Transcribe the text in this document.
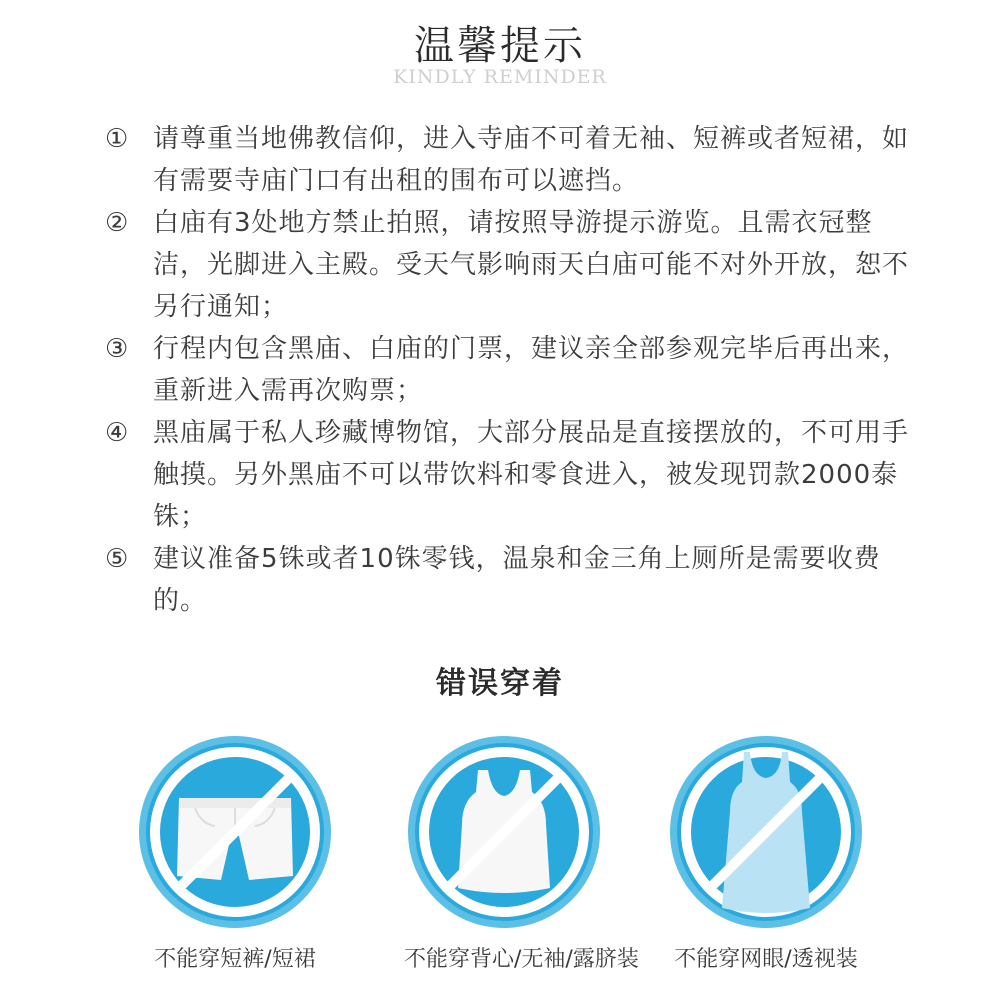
温馨提示
KINDLY REMINDER
① 请尊重当地佛教信仰，进入寺庙不可着无袖、短裤或者短裙，如有需要寺庙门口有出租的围布可以遮挡。
② 白庙有3处地方禁止拍照，请按照导游提示游览。且需衣冠整洁，光脚进入主殿。受天气影响雨天白庙可能不对外开放，恕不另行通知；
③ 行程内包含黑庙、白庙的门票，建议亲全部参观完毕后再出来，重新进入需再次购票；
④ 黑庙属于私人珍藏博物馆，大部分展品是直接摆放的，不可用手触摸。另外黑庙不可以带饮料和零食进入，被发现罚款2000泰铢；
⑤ 建议准备5铢或者10铢零钱，温泉和金三角上厕所是需要收费的。
错误穿着
不能穿短裤/短裙	不能穿背心/无袖/露脐装	不能穿网眼/透视装
